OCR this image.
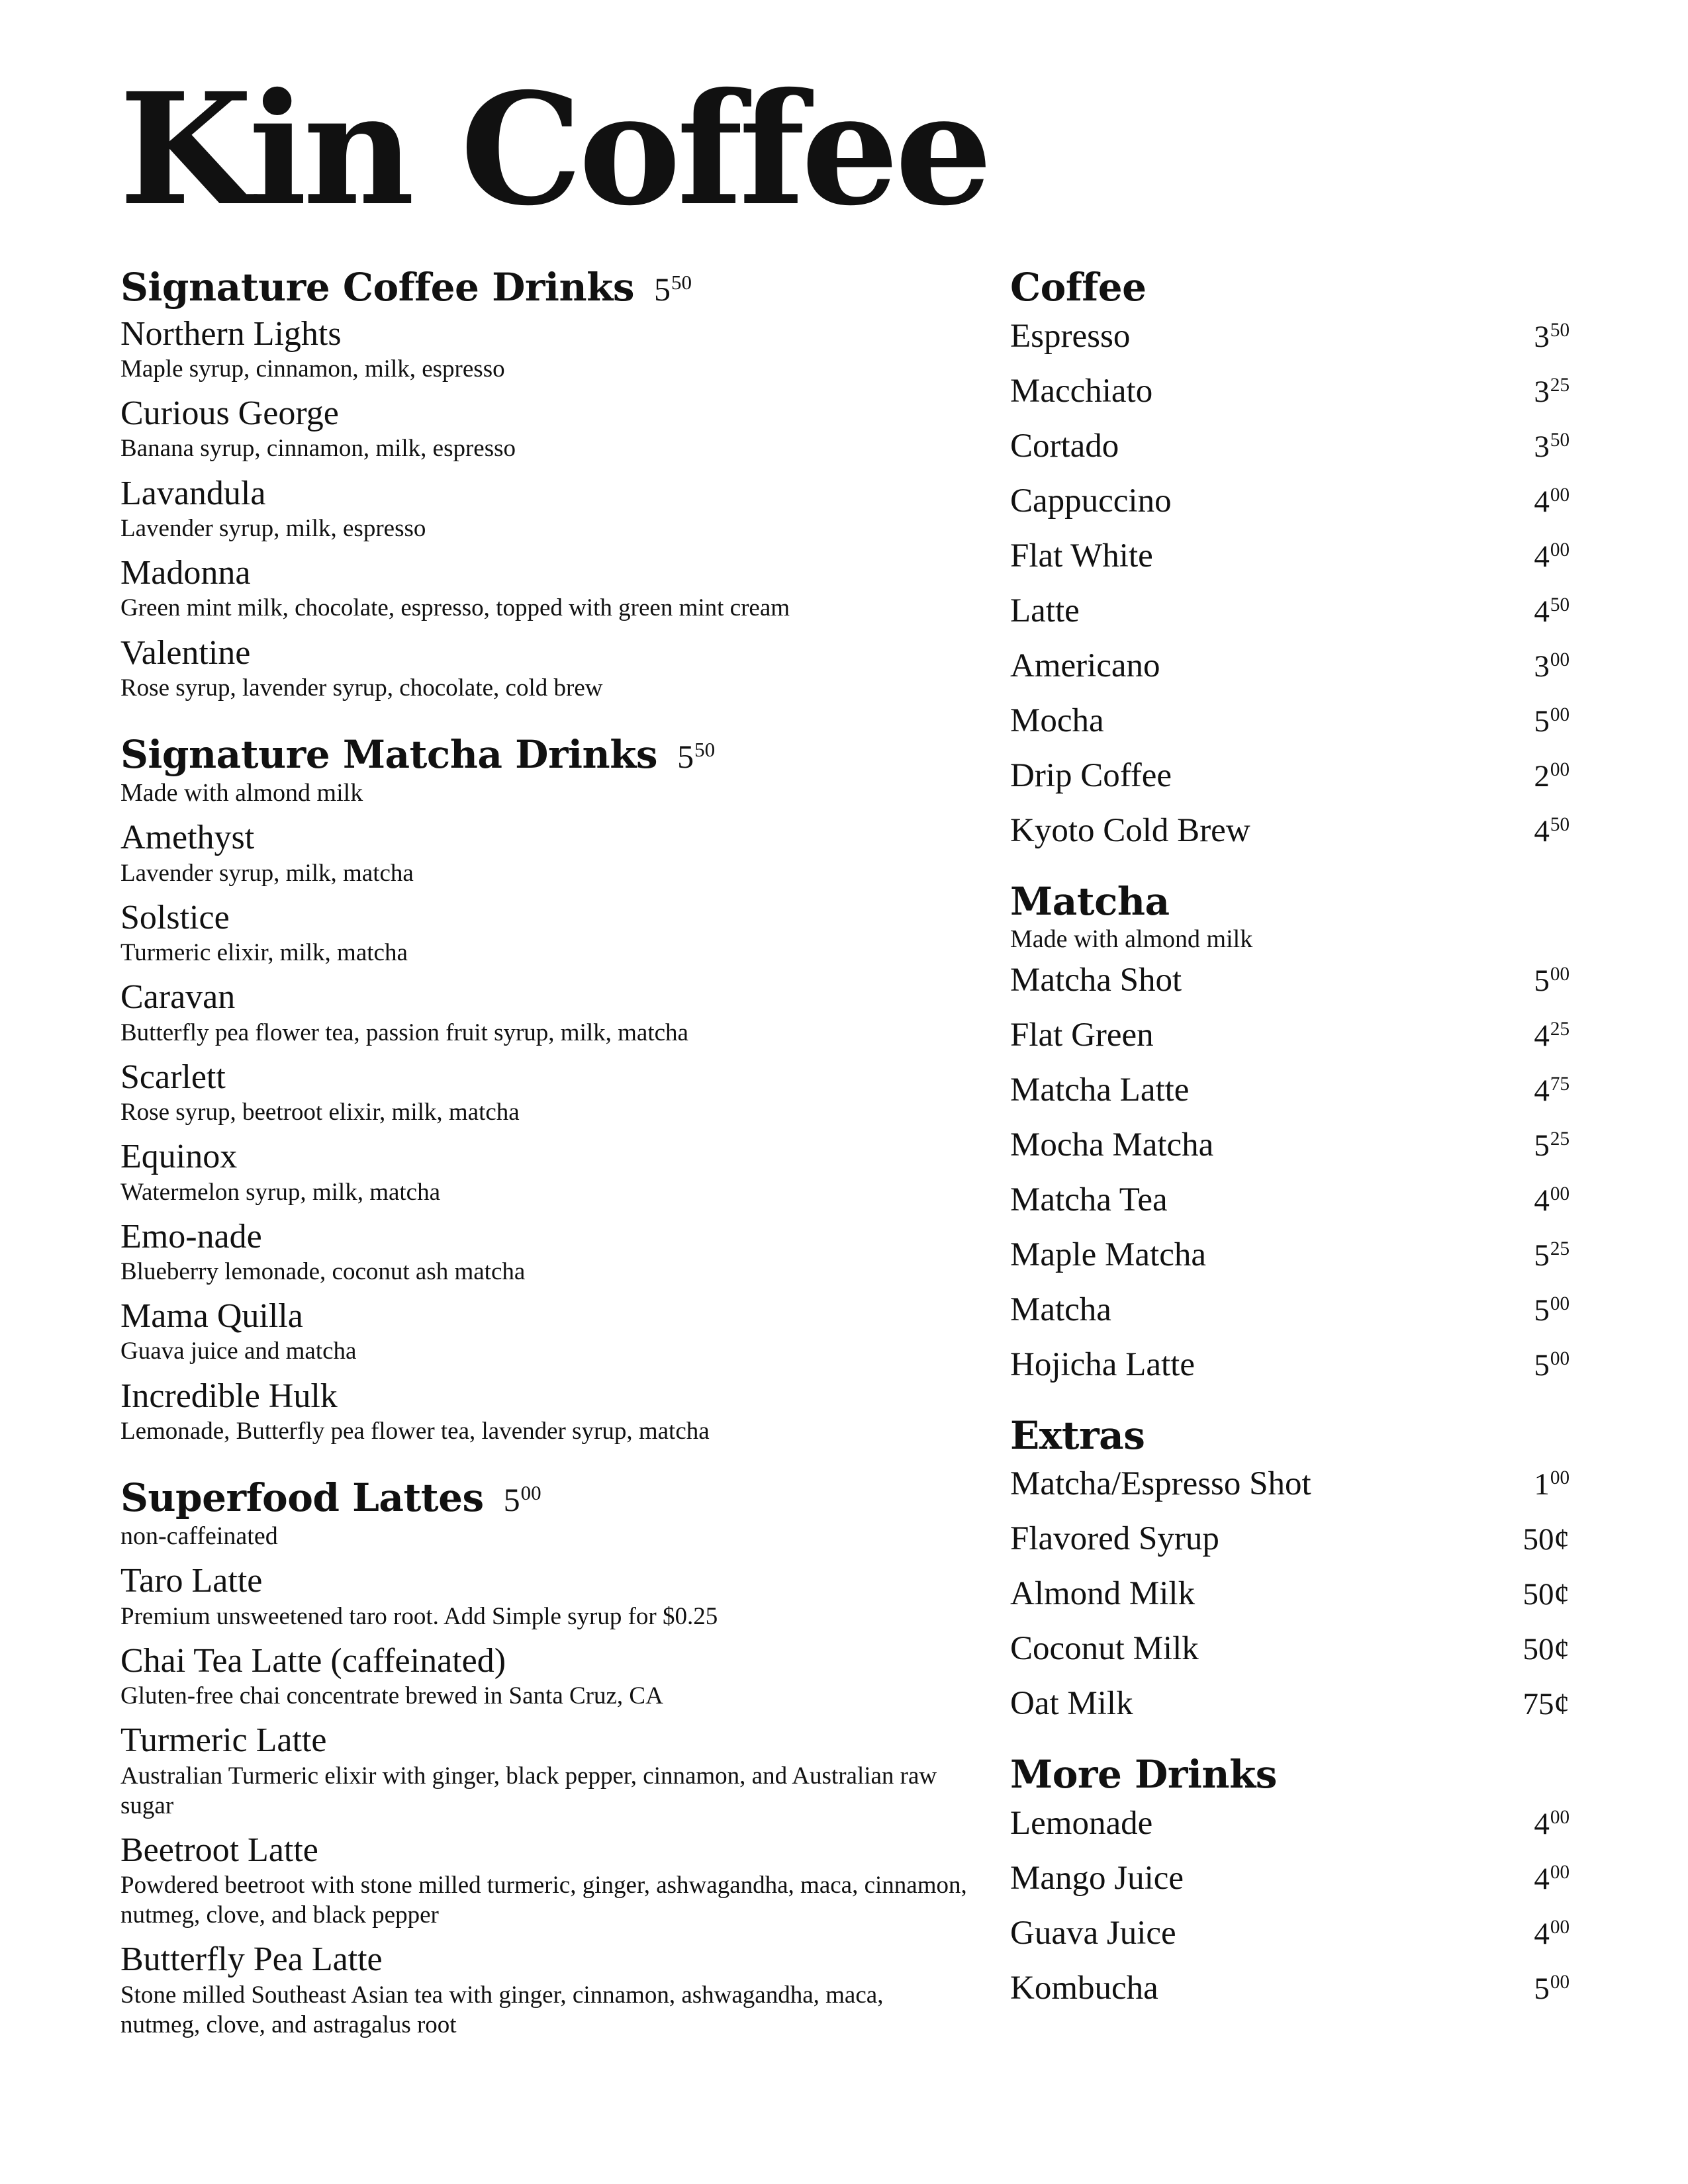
Kin Coffee
Signature Coffee Drinks $5^{50}$
Northern Lights
Maple syrup, cinnamon, milk, espresso
Curious George
Banana syrup, cinnamon, milk, espresso
Lavandula
Lavender syrup, milk, espresso
Madonna
Green mint milk, chocolate, espresso, topped with green mint cream
Valentine
Rose syrup, lavender syrup, chocolate, cold brew
Signature Matcha Drinks $5^{50}$
Made with almond milk
Amethyst
Lavender syrup, milk, matcha
Solstice
Turmeric elixir, milk, matcha
Caravan
Butterfly pea flower tea, passion fruit syrup, milk, matcha
Scarlett
Rose syrup, beetroot elixir, milk, matcha
Equinox
Watermelon syrup, milk, matcha
Emo-nade
Blueberry lemonade, coconut ash matcha
Mama Quilla
Guava juice and matcha
Incredible Hulk
Lemonade, Butterfly pea flower tea, lavender syrup, matcha
Superfood Lattes $5^{00}$
non-caffeinated
Taro Latte
Premium unsweetened taro root. Add Simple syrup for $0.25
Chai Tea Latte (caffeinated)
Gluten-free chai concentrate brewed in Santa Cruz, CA
Turmeric Latte
Australian Turmeric elixir with ginger, black pepper, cinnamon, and Australian raw sugar
Beetroot Latte
Powdered beetroot with stone milled turmeric, ginger, ashwagandha, maca, cinnamon, nutmeg, clove, and black pepper
Butterfly Pea Latte
Stone milled Southeast Asian tea with ginger, cinnamon, ashwagandha, maca, nutmeg, clove, and astragalus root
Coffee
Espresso	$3^{50}$
Macchiato	$3^{25}$
Cortado	$3^{50}$
Cappuccino	$4^{00}$
Flat White	$4^{00}$
Latte	$4^{50}$
Americano	$3^{00}$
Mocha	$5^{00}$
Drip Coffee	$2^{00}$
Kyoto Cold Brew	$4^{50}$
Matcha
Made with almond milk
Matcha Shot	$5^{00}$
Flat Green	$4^{25}$
Matcha Latte	$4^{75}$
Mocha Matcha	$5^{25}$
Matcha Tea	$4^{00}$
Maple Matcha	$5^{25}$
Matcha	$5^{00}$
Hojicha Latte	$5^{00}$
Extras
Matcha/Espresso Shot	$1^{00}$
Flavored Syrup	50¢
Almond Milk	50¢
Coconut Milk	50¢
Oat Milk	75¢
More Drinks
Lemonade	$4^{00}$
Mango Juice	$4^{00}$
Guava Juice	$4^{00}$
Kombucha	$5^{00}$
